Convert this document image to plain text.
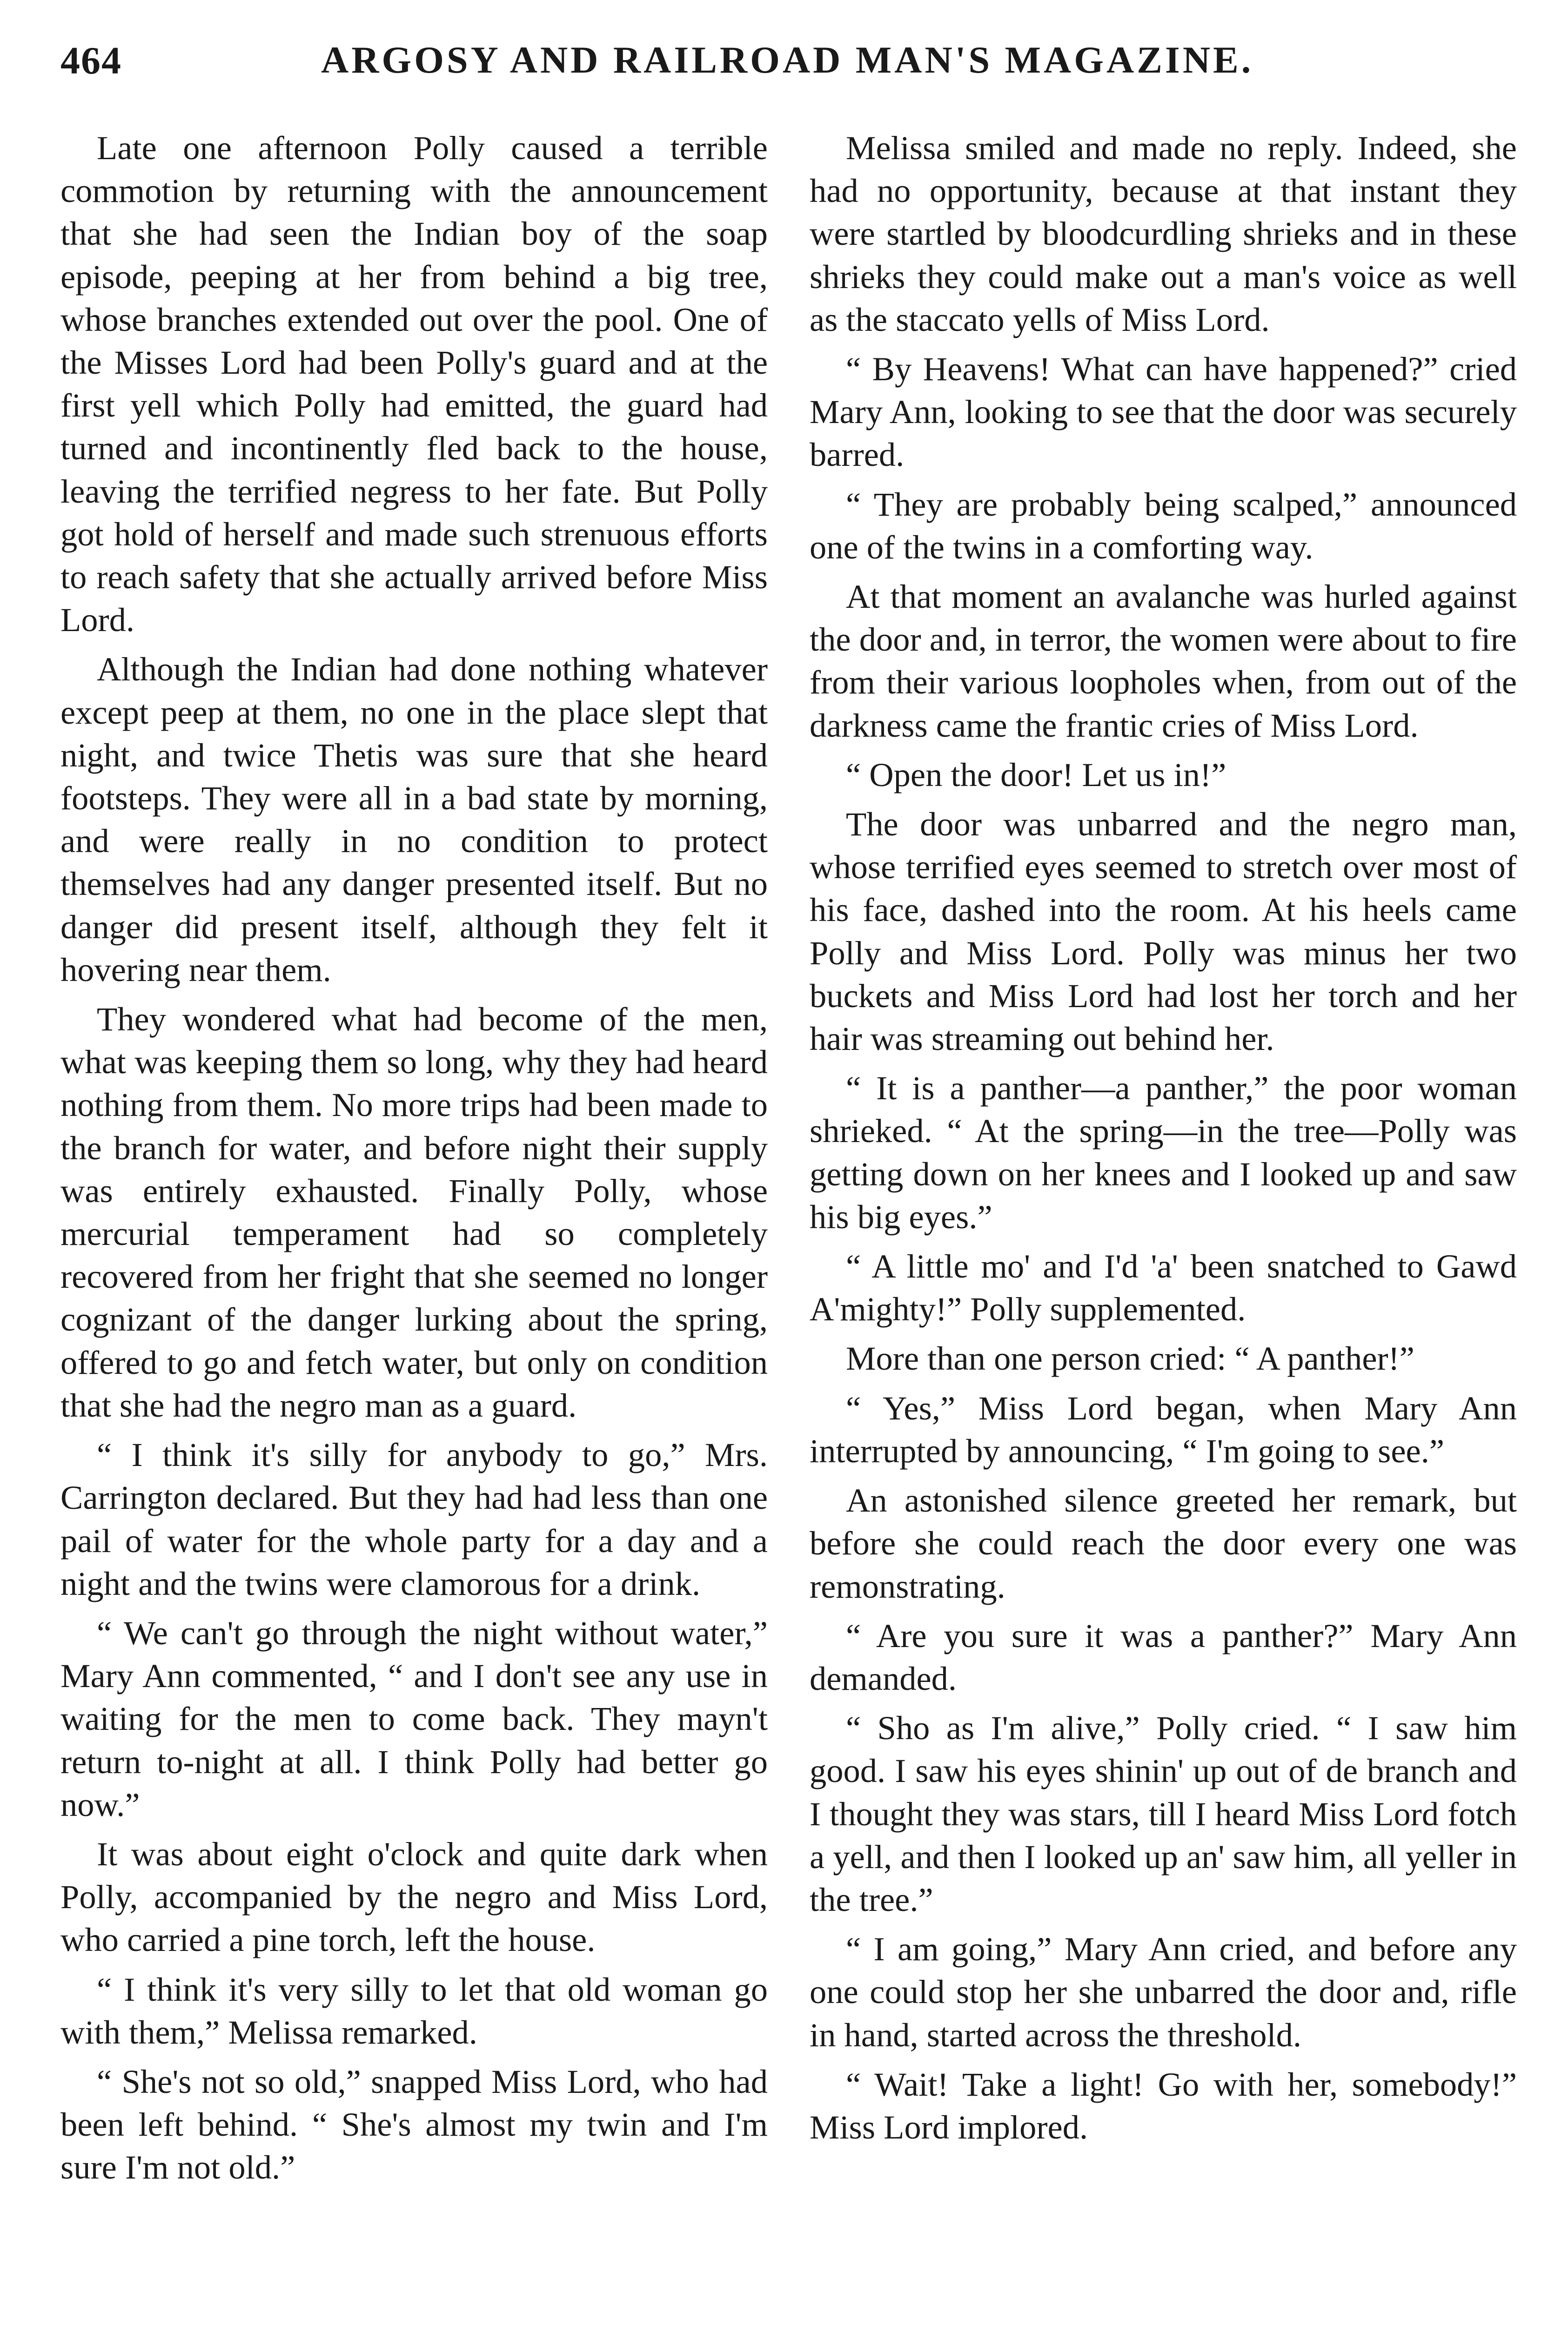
464	ARGOSY AND RAILROAD MAN'S MAGAZINE.

Late one afternoon Polly caused a terrible commotion by returning with the announcement that she had seen the Indian boy of the soap episode, peeping at her from behind a big tree, whose branches extended out over the pool. One of the Misses Lord had been Polly's guard and at the first yell which Polly had emitted, the guard had turned and incontinently fled back to the house, leaving the terrified negress to her fate. But Polly got hold of herself and made such strenuous efforts to reach safety that she actually arrived before Miss Lord.

Although the Indian had done nothing whatever except peep at them, no one in the place slept that night, and twice Thetis was sure that she heard footsteps. They were all in a bad state by morning, and were really in no condition to protect themselves had any danger presented itself. But no danger did present itself, although they felt it hovering near them.

They wondered what had become of the men, what was keeping them so long, why they had heard nothing from them. No more trips had been made to the branch for water, and before night their supply was entirely exhausted. Finally Polly, whose mercurial temperament had so completely recovered from her fright that she seemed no longer cognizant of the danger lurking about the spring, offered to go and fetch water, but only on condition that she had the negro man as a guard.

“ I think it's silly for anybody to go,” Mrs. Carrington declared. But they had had less than one pail of water for the whole party for a day and a night and the twins were clamorous for a drink.

“ We can't go through the night without water,” Mary Ann commented, “ and I don't see any use in waiting for the men to come back. They mayn't return to-night at all. I think Polly had better go now.”

It was about eight o'clock and quite dark when Polly, accompanied by the negro and Miss Lord, who carried a pine torch, left the house.

“ I think it's very silly to let that old woman go with them,” Melissa remarked.

“ She's not so old,” snapped Miss Lord, who had been left behind. “ She's almost my twin and I'm sure I'm not old.”

Melissa smiled and made no reply. Indeed, she had no opportunity, because at that instant they were startled by bloodcurdling shrieks and in these shrieks they could make out a man's voice as well as the staccato yells of Miss Lord.

“ By Heavens! What can have happened?” cried Mary Ann, looking to see that the door was securely barred.

“ They are probably being scalped,” announced one of the twins in a comforting way.

At that moment an avalanche was hurled against the door and, in terror, the women were about to fire from their various loopholes when, from out of the darkness came the frantic cries of Miss Lord.

“ Open the door! Let us in!”

The door was unbarred and the negro man, whose terrified eyes seemed to stretch over most of his face, dashed into the room. At his heels came Polly and Miss Lord. Polly was minus her two buckets and Miss Lord had lost her torch and her hair was streaming out behind her.

“ It is a panther—a panther,” the poor woman shrieked. “ At the spring—in the tree—Polly was getting down on her knees and I looked up and saw his big eyes.”

“ A little mo' and I'd 'a' been snatched to Gawd A'mighty!” Polly supplemented.

More than one person cried: “ A panther!”

“ Yes,” Miss Lord began, when Mary Ann interrupted by announcing, “ I'm going to see.”

An astonished silence greeted her remark, but before she could reach the door every one was remonstrating.

“ Are you sure it was a panther?” Mary Ann demanded.

“ Sho as I'm alive,” Polly cried. “ I saw him good. I saw his eyes shinin' up out of de branch and I thought they was stars, till I heard Miss Lord fotch a yell, and then I looked up an' saw him, all yeller in the tree.”

“ I am going,” Mary Ann cried, and before any one could stop her she unbarred the door and, rifle in hand, started across the threshold.

“ Wait! Take a light! Go with her, somebody!” Miss Lord implored.
